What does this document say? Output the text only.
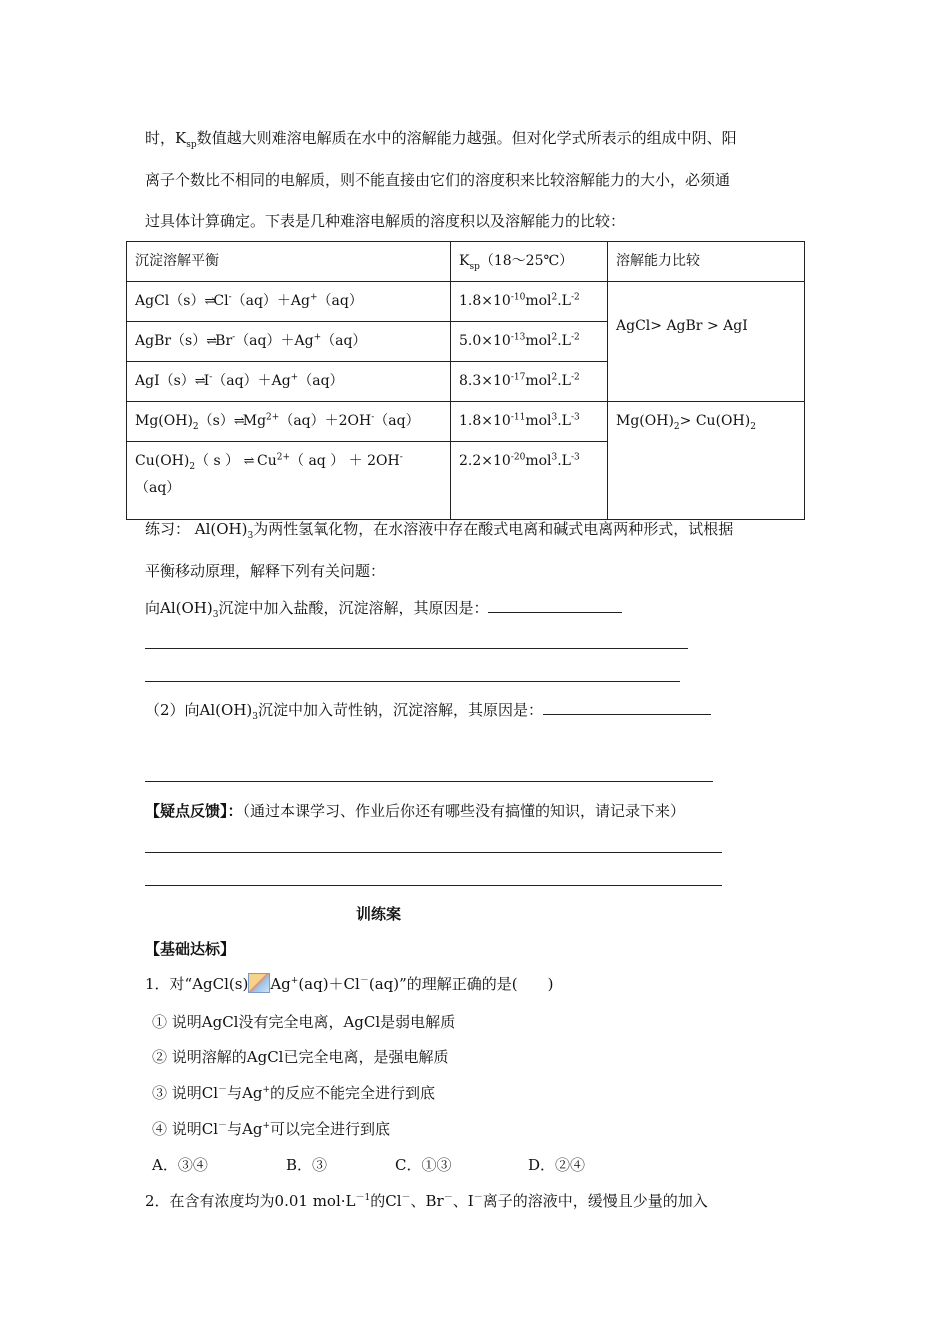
时，$K_{sp}$数值越大则难溶电解质在水中的溶解能力越强。但对化学式所表示的组成中阴、阳
离子个数比不相同的电解质，则不能直接由它们的溶度积来比较溶解能力的大小，必须通
过具体计算确定。下表是几种难溶电解质的溶度积以及溶解能力的比较：
沉淀溶解平衡	$K_{sp}(18\sim 25℃)$	溶解能力比较
AgCl（s）⇌Cl-（aq）＋Ag+（aq）	$1.8\times 10^{-10}mol^2.L^{-2}$	AgCl> AgBr > AgI
AgBr（s）⇌Br-（aq）＋Ag+（aq）	$5.0\times 10^{-13}mol^2.L^{-2}$
AgI（s）⇌I-（aq）＋Ag+（aq）	$8.3\times 10^{-17}mol^2.L^{-2}$
$Mg(OH)_2(s)\rightleftharpoons Mg^{2+}(aq)+2OH^-(aq)$	$1.8\times 10^{-11}mol^3.L^{-3}$	$Mg(OH)_2> Cu(OH)_2$
$Cu(OH)_2$（ s ） ⇌ $Cu^{2+}$（ aq ） ＋ 2OH-
（aq）	$2.2\times 10^{-20}mol^3.L^{-3}$
练习： $Al(OH)_3$为两性氢氧化物，在水溶液中存在酸式电离和碱式电离两种形式，试根据
平衡移动原理，解释下列有关问题：
向$Al(OH)_3$沉淀中加入盐酸，沉淀溶解，其原因是：
（2）向$Al(OH)_3$沉淀中加入苛性钠，沉淀溶解，其原因是：
【疑点反馈】：（通过本课学习、作业后你还有哪些没有搞懂的知识，请记录下来）
训练案
【基础达标】
1．对“AgCl(s) Ag+(aq)＋Cl－(aq)”的理解正确的是(　　)
① 说明AgCl没有完全电离，AgCl是弱电解质
② 说明溶解的AgCl已完全电离，是强电解质
③ 说明Cl－与Ag+的反应不能完全进行到底
④ 说明Cl－与Ag+可以完全进行到底
A．③④	B．③	C．①③	D．②④
2．在含有浓度均为0.01 $mol\cdot L^{-1}$的Cl－、Br－、I－离子的溶液中，缓慢且少量的加入
